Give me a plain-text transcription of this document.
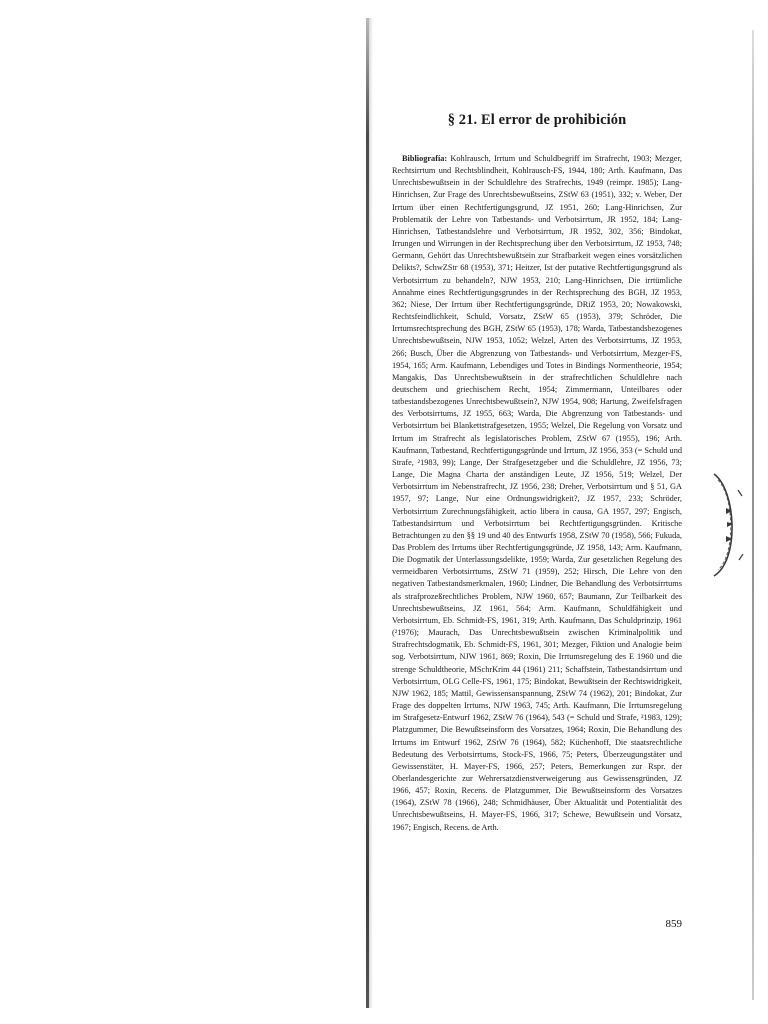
§ 21. El error de prohibición

Bibliografía: Kohlrausch, Irrtum und Schuldbegriff im Strafrecht, 1903; Mezger, Rechtsirrtum und Rechtsblindheit, Kohlrausch-FS, 1944, 180; Arth. Kaufmann, Das Unrechtsbewußtsein in der Schuldlehre des Strafrechts, 1949 (reimpr. 1985); Lang-Hinrichsen, Zur Frage des Unrechtsbewußtseins, ZStW 63 (1951), 332; v. Weber, Der Irrtum über einen Rechtfertigungsgrund, JZ 1951, 260; Lang-Hinrichsen, Zur Problematik der Lehre von Tatbestands- und Verbotsirrtum, JR 1952, 184; Lang-Hinrichsen, Tatbestandslehre und Verbotsirrtum, JR 1952, 302, 356; Bindokat, Irrungen und Wirrungen in der Rechtsprechung über den Verbotsirrtum, JZ 1953, 748; Germann, Gehört das Unrechtsbewußtsein zur Strafbarkeit wegen eines vorsätzlichen Delikts?, SchwZStr 68 (1953), 371; Heitzer, Ist der putative Rechtfertigungsgrund als Verbotsirrtum zu behandeln?, NJW 1953, 210; Lang-Hinrichsen, Die irrtümliche Annahme eines Rechtfertigungsgrundes in der Rechtsprechung des BGH, JZ 1953, 362; Niese, Der Irrtum über Rechtfertigungsgründe, DRiZ 1953, 20; Nowakowski, Rechtsfeindlichkeit, Schuld, Vorsatz, ZStW 65 (1953), 379; Schröder, Die Irrtumsrechtsprechung des BGH, ZStW 65 (1953), 178; Warda, Tatbestandsbezogenes Unrechtsbewußtsein, NJW 1953, 1052; Welzel, Arten des Verbotsirrtums, JZ 1953, 266; Busch, Über die Abgrenzung von Tatbestands- und Verbotsirrtum, Mezger-FS, 1954, 165; Arm. Kaufmann, Lebendiges und Totes in Bindings Normentheorie, 1954; Mangakis, Das Unrechtsbewußtsein in der strafrechtlichen Schuldlehre nach deutschem und griechischem Recht, 1954; Zimmermann, Unteilbares oder tatbestandsbezogenes Unrechtsbewußtsein?, NJW 1954, 908; Hartung, Zweifelsfragen des Verbotsirrtums, JZ 1955, 663; Warda, Die Abgrenzung von Tatbestands- und Verbotsirrtum bei Blankettstrafgesetzen, 1955; Welzel, Die Regelung von Vorsatz und Irrtum im Strafrecht als legislatorisches Problem, ZStW 67 (1955), 196; Arth. Kaufmann, Tatbestand, Rechtfertigungsgründe und Irrtum, JZ 1956, 353 (= Schuld und Strafe, ²1983, 99); Lange, Der Strafgesetzgeber und die Schuldlehre, JZ 1956, 73; Lange, Die Magna Charta der anständigen Leute, JZ 1956, 519; Welzel, Der Verbotsirrtum im Nebenstrafrecht, JZ 1956, 238; Dreher, Verbotsirrtum und § 51, GA 1957, 97; Lange, Nur eine Ordnungswidrigkeit?, JZ 1957, 233; Schröder, Verbotsirrtum Zurechnungsfähigkeit, actio libera in causa, GA 1957, 297; Engisch, Tatbestandsirrtum und Verbotsirrtum bei Rechtfertigungsgründen. Kritische Betrachtungen zu den §§ 19 und 40 des Entwurfs 1958, ZStW 70 (1958), 566; Fukuda, Das Problem des Irrtums über Rechtfertigungsgründe, JZ 1958, 143; Arm. Kaufmann, Die Dogmatik der Unterlassungsdelikte, 1959; Warda, Zur gesetzlichen Regelung des vermeidbaren Verbotsirrtums, ZStW 71 (1959), 252; Hirsch, Die Lehre von den negativen Tatbestandsmerkmalen, 1960; Lindner, Die Behandlung des Verbotsirrtums als strafprozeßrechtliches Problem, NJW 1960, 657; Baumann, Zur Teilbarkeit des Unrechtsbewußtseins, JZ 1961, 564; Arm. Kaufmann, Schuldfähigkeit und Verbotsirrtum, Eb. Schmidt-FS, 1961, 319; Arth. Kaufmann, Das Schuldprinzip, 1961 (²1976); Maurach, Das Unrechtsbewußtsein zwischen Kriminalpolitik und Strafrechtsdogmatik, Eb. Schmidt-FS, 1961, 301; Mezger, Fiktion und Analogie beim sog. Verbotsirrtum, NJW 1961, 869; Roxin, Die Irrtumsregelung des E 1960 und die strenge Schuldtheorie, MSchrKrim 44 (1961) 211; Schaffstein, Tatbestandsirrtum und Verbotsirrtum, OLG Celle-FS, 1961, 175; Bindokat, Bewußtsein der Rechtswidrigkeit, NJW 1962, 185; Mattil, Gewissensanspannung, ZStW 74 (1962), 201; Bindokat, Zur Frage des doppelten Irrtums, NJW 1963, 745; Arth. Kaufmann, Die Irrtumsregelung im Strafgesetz-Entwurf 1962, ZStW 76 (1964), 543 (= Schuld und Strafe, ²1983, 129); Platzgummer, Die Bewußtseinsform des Vorsatzes, 1964; Roxin, Die Behandlung des Irrtums im Entwurf 1962, ZStW 76 (1964), 582; Küchenhoff, Die staatsrechtliche Bedeutung des Verbotsirrtums, Stock-FS, 1966, 75; Peters, Überzeugungstäter und Gewissenstäter, H. Mayer-FS, 1966, 257; Peters, Bemerkungen zur Rspr. der Oberlandesgerichte zur Wehrersatzdienstverweigerung aus Gewissensgründen, JZ 1966, 457; Roxin, Recens. de Platzgummer, Die Bewußtseinsform des Vorsatzes (1964), ZStW 78 (1966), 248; Schmidhäuser, Über Aktualität und Potentialität des Unrechtsbewußtseins, H. Mayer-FS, 1966, 317; Schewe, Bewußtsein und Vorsatz, 1967; Engisch, Recens. de Arth.

859
